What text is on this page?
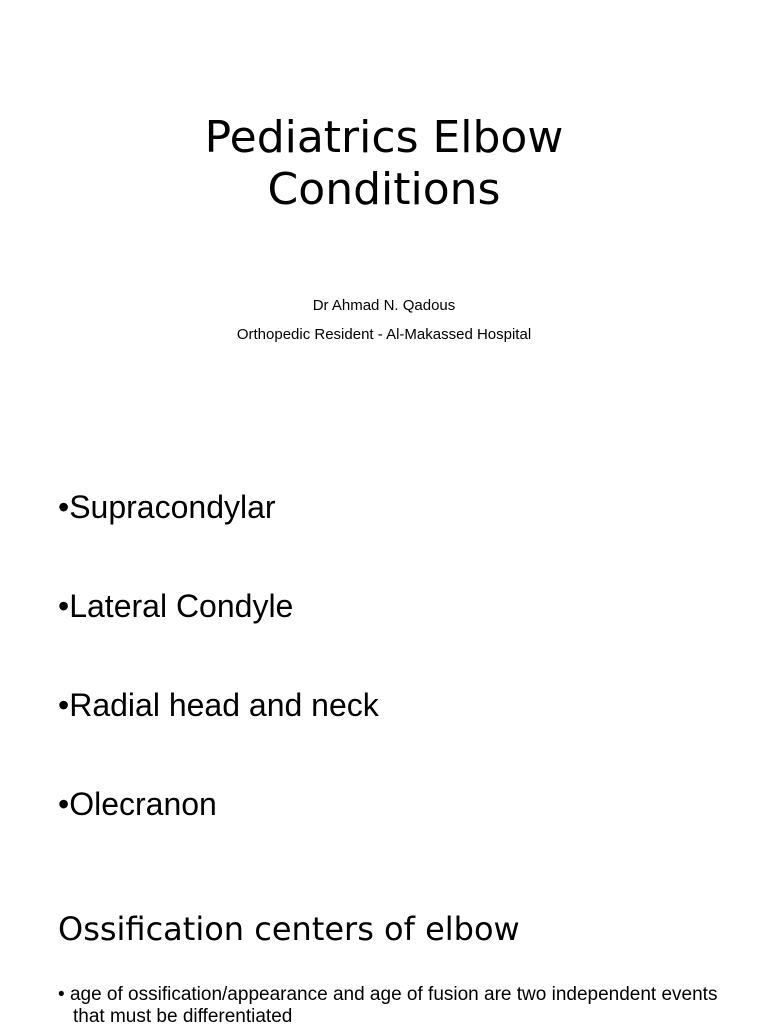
Pediatrics Elbow
Conditions

Dr Ahmad N. Qadous

Orthopedic Resident - Al-Makassed Hospital

•Supracondylar
•Lateral Condyle
•Radial head and neck
•Olecranon
Ossification centers of elbow

• age of ossification/appearance and age of fusion are two independent events that must be differentiated
